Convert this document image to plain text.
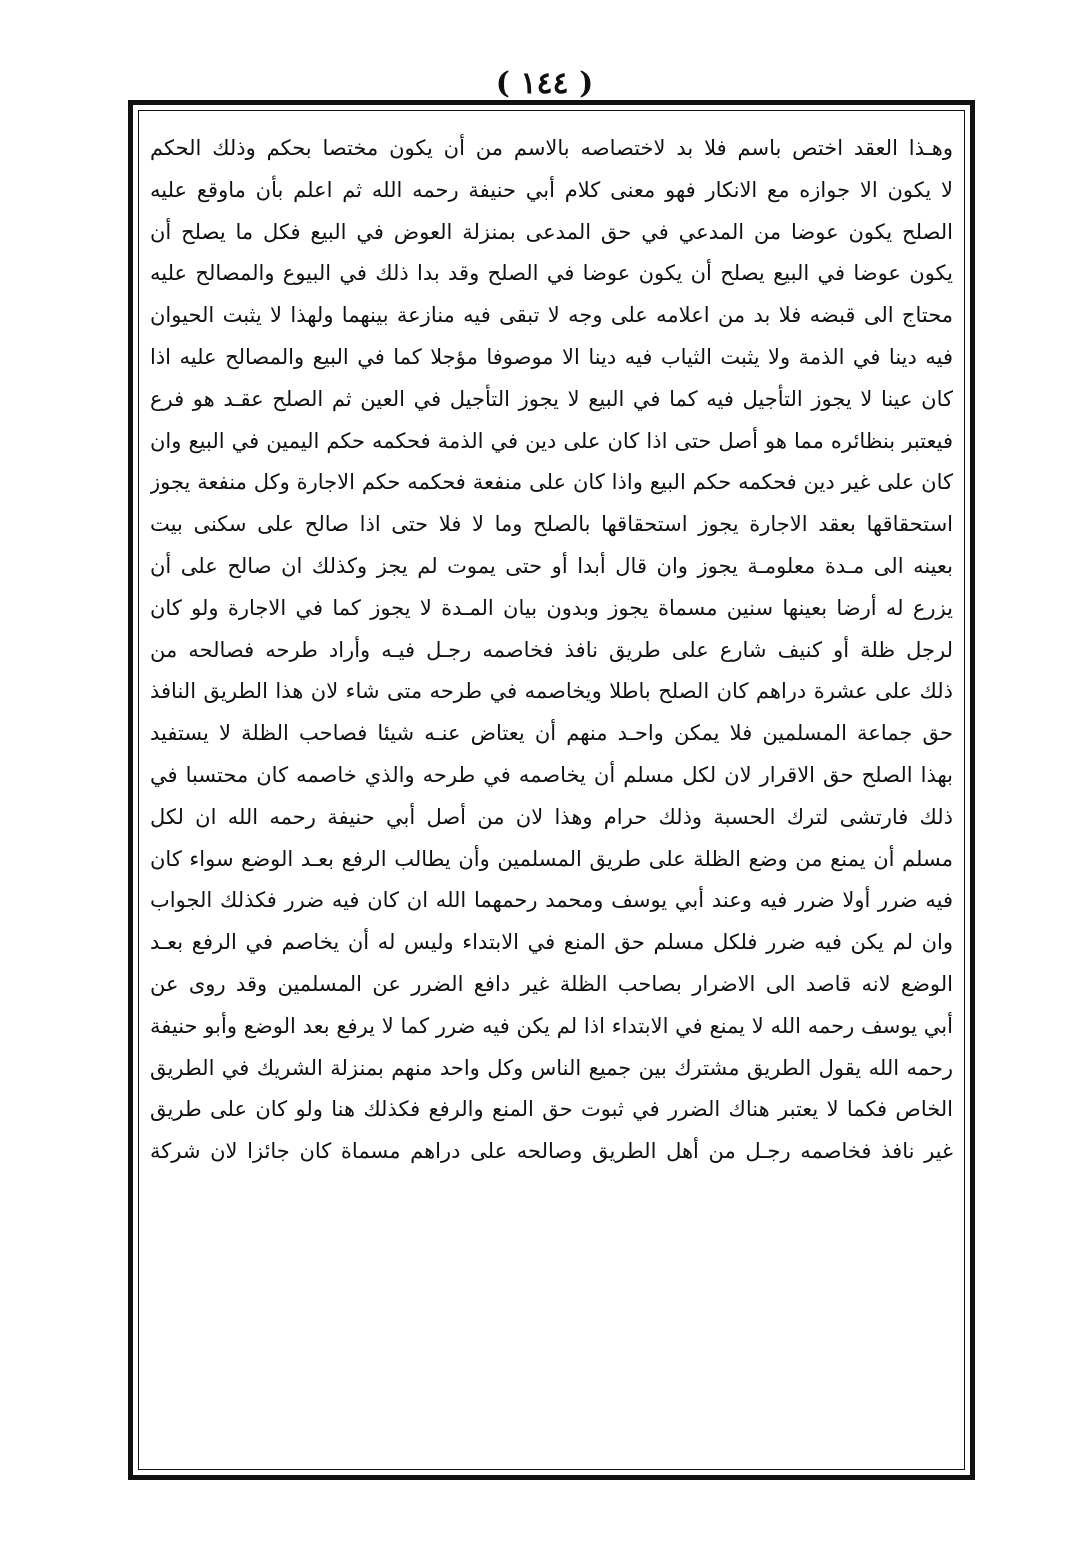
( ١٤٤ )
وهـذا العقد اختص باسم فلا بد لاختصاصه بالاسم من أن يكون مختصا بحكم وذلك الحكم
لا يكون الا جوازه مع الانكار فهو معنى كلام أبي حنيفة رحمه الله ثم اعلم بأن ماوقع عليه
الصلح يكون عوضا من المدعي في حق المدعى بمنزلة العوض في البيع فكل ما يصلح أن
يكون عوضا في البيع يصلح أن يكون عوضا في الصلح وقد بدا ذلك في البيوع والمصالح عليه
محتاج الى قبضه فلا بد من اعلامه على وجه لا تبقى فيه منازعة بينهما ولهذا لا يثبت الحيوان
فيه دينا في الذمة ولا يثبت الثياب فيه دينا الا موصوفا مؤجلا كما في البيع والمصالح عليه اذا
كان عينا لا يجوز التأجيل فيه كما في البيع لا يجوز التأجيل في العين ثم الصلح عقـد هو فرع
فيعتبر بنظائره مما هو أصل حتى اذا كان على دين في الذمة فحكمه حكم اليمين في البيع وان
كان على غير دين فحكمه حكم البيع واذا كان على منفعة فحكمه حكم الاجارة وكل منفعة يجوز
استحقاقها بعقد الاجارة يجوز استحقاقها بالصلح وما لا فلا حتى اذا صالح على سكنى بيت
بعينه الى مـدة معلومـة يجوز وان قال أبدا أو حتى يموت لم يجز وكذلك ان صالح على أن
يزرع له أرضا بعينها سنين مسماة يجوز وبدون بيان المـدة لا يجوز كما في الاجارة ولو كان
لرجل ظلة أو كنيف شارع على طريق نافذ فخاصمه رجـل فيـه وأراد طرحه فصالحه من
ذلك على عشرة دراهم كان الصلح باطلا ويخاصمه في طرحه متى شاء لان هذا الطريق النافذ
حق جماعة المسلمين فلا يمكن واحـد منهم أن يعتاض عنـه شيئا فصاحب الظلة لا يستفيد
بهذا الصلح حق الاقرار لان لكل مسلم أن يخاصمه في طرحه والذي خاصمه كان محتسبا في
ذلك فارتشى لترك الحسبة وذلك حرام وهذا لان من أصل أبي حنيفة رحمه الله ان لكل
مسلم أن يمنع من وضع الظلة على طريق المسلمين وأن يطالب الرفع بعـد الوضع سواء كان
فيه ضرر أولا ضرر فيه وعند أبي يوسف ومحمد رحمهما الله ان كان فيه ضرر فكذلك الجواب
وان لم يكن فيه ضرر فلكل مسلم حق المنع في الابتداء وليس له أن يخاصم في الرفع بعـد
الوضع لانه قاصد الى الاضرار بصاحب الظلة غير دافع الضرر عن المسلمين وقد روى عن
أبي يوسف رحمه الله لا يمنع في الابتداء اذا لم يكن فيه ضرر كما لا يرفع بعد الوضع وأبو حنيفة
رحمه الله يقول الطريق مشترك بين جميع الناس وكل واحد منهم بمنزلة الشريك في الطريق
الخاص فكما لا يعتبر هناك الضرر في ثبوت حق المنع والرفع فكذلك هنا ولو كان على طريق
غير نافذ فخاصمه رجـل من أهل الطريق وصالحه على دراهم مسماة كان جائزا لان شركة
